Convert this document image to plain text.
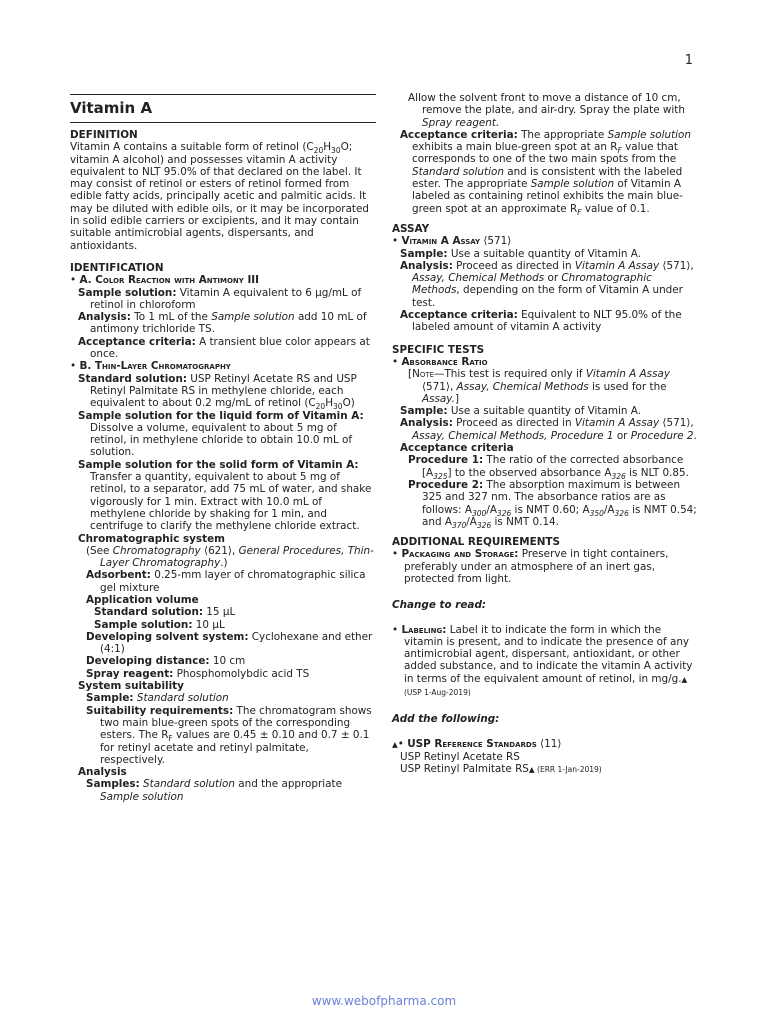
1
Vitamin A
DEFINITION

Vitamin A contains a suitable form of retinol ($C_{20}H_{30}O$; vitamin A alcohol) and possesses vitamin A activity equivalent to NLT 95.0% of that declared on the label. It may consist of retinol or esters of retinol formed from edible fatty acids, principally acetic and palmitic acids. It may be diluted with edible oils, or it may be incorporated in solid edible carriers or excipients, and it may contain suitable antimicrobial agents, dispersants, and antioxidants.

IDENTIFICATION

• A. Color Reaction with Antimony III

Sample solution: Vitamin A equivalent to 6 µg/mL of retinol in chloroform

Analysis: To 1 mL of the Sample solution add 10 mL of antimony trichloride TS.

Acceptance criteria: A transient blue color appears at once.

• B. Thin-Layer Chromatography

Standard solution: USP Retinyl Acetate RS and USP Retinyl Palmitate RS in methylene chloride, each equivalent to about 0.2 mg/mL of retinol $(C_{20}H_{30}O)$

Sample solution for the liquid form of Vitamin A:

Dissolve a volume, equivalent to about 5 mg of retinol, in methylene chloride to obtain 10.0 mL of solution.

Sample solution for the solid form of Vitamin A: Transfer a quantity, equivalent to about 5 mg of retinol, to a separator, add 75 mL of water, and shake vigorously for 1 min. Extract with 10.0 mL of methylene chloride by shaking for 1 min, and centrifuge to clarify the methylene chloride extract.

Chromatographic system

(See Chromatography ⟨621⟩, General Procedures, Thin-Layer Chromatography.)

Adsorbent: 0.25-mm layer of chromatographic silica gel mixture

Application volume

Standard solution: 15 µL

Sample solution: 10 µL

Developing solvent system: Cyclohexane and ether (4:1)

Developing distance: 10 cm

Spray reagent: Phosphomolybdic acid TS

System suitability

Sample: Standard solution

Suitability requirements: The chromatogram shows two main blue-green spots of the corresponding esters. The $R_F$ values are 0.45 ± 0.10 and 0.7 ± 0.1 for retinyl acetate and retinyl palmitate, respectively.

Analysis

Samples: Standard solution and the appropriate Sample solution

Allow the solvent front to move a distance of 10 cm, remove the plate, and air-dry. Spray the plate with Spray reagent.

Acceptance criteria: The appropriate Sample solution exhibits a main blue-green spot at an $R_F$ value that corresponds to one of the two main spots from the Standard solution and is consistent with the labeled ester. The appropriate Sample solution of Vitamin A labeled as containing retinol exhibits the main blue-green spot at an approximate $R_F$ value of 0.1.

ASSAY

• Vitamin A Assay ⟨571⟩

Sample: Use a suitable quantity of Vitamin A.

Analysis: Proceed as directed in Vitamin A Assay ⟨571⟩, Assay, Chemical Methods or Chromatographic Methods, depending on the form of Vitamin A under test.

Acceptance criteria: Equivalent to NLT 95.0% of the labeled amount of vitamin A activity

SPECIFIC TESTS

• Absorbance Ratio

[Note—This test is required only if Vitamin A Assay ⟨571⟩, Assay, Chemical Methods is used for the Assay.]

Sample: Use a suitable quantity of Vitamin A.

Analysis: Proceed as directed in Vitamin A Assay ⟨571⟩, Assay, Chemical Methods, Procedure 1 or Procedure 2.

Acceptance criteria

Procedure 1: The ratio of the corrected absorbance $[A_{325}]$ to the observed absorbance $A_{326}$ is NLT 0.85.

Procedure 2: The absorption maximum is between 325 and 327 nm. The absorbance ratios are as follows: $A_{300}/A_{326}$ is NMT 0.60; $A_{350}/A_{326}$ is NMT 0.54; and $A_{370}/A_{326}$ is NMT 0.14.

ADDITIONAL REQUIREMENTS

• Packaging and Storage: Preserve in tight containers, preferably under an atmosphere of an inert gas, protected from light.

Change to read:

• Labeling: Label it to indicate the form in which the vitamin is present, and to indicate the presence of any antimicrobial agent, dispersant, antioxidant, or other added substance, and to indicate the vitamin A activity in terms of the equivalent amount of retinol, in mg/g.▲ (USP 1-Aug-2019)

Add the following:

▲• USP Reference Standards ⟨11⟩

USP Retinyl Acetate RS

USP Retinyl Palmitate RS▲ (ERR 1-Jan-2019)

www.webofpharma.com
